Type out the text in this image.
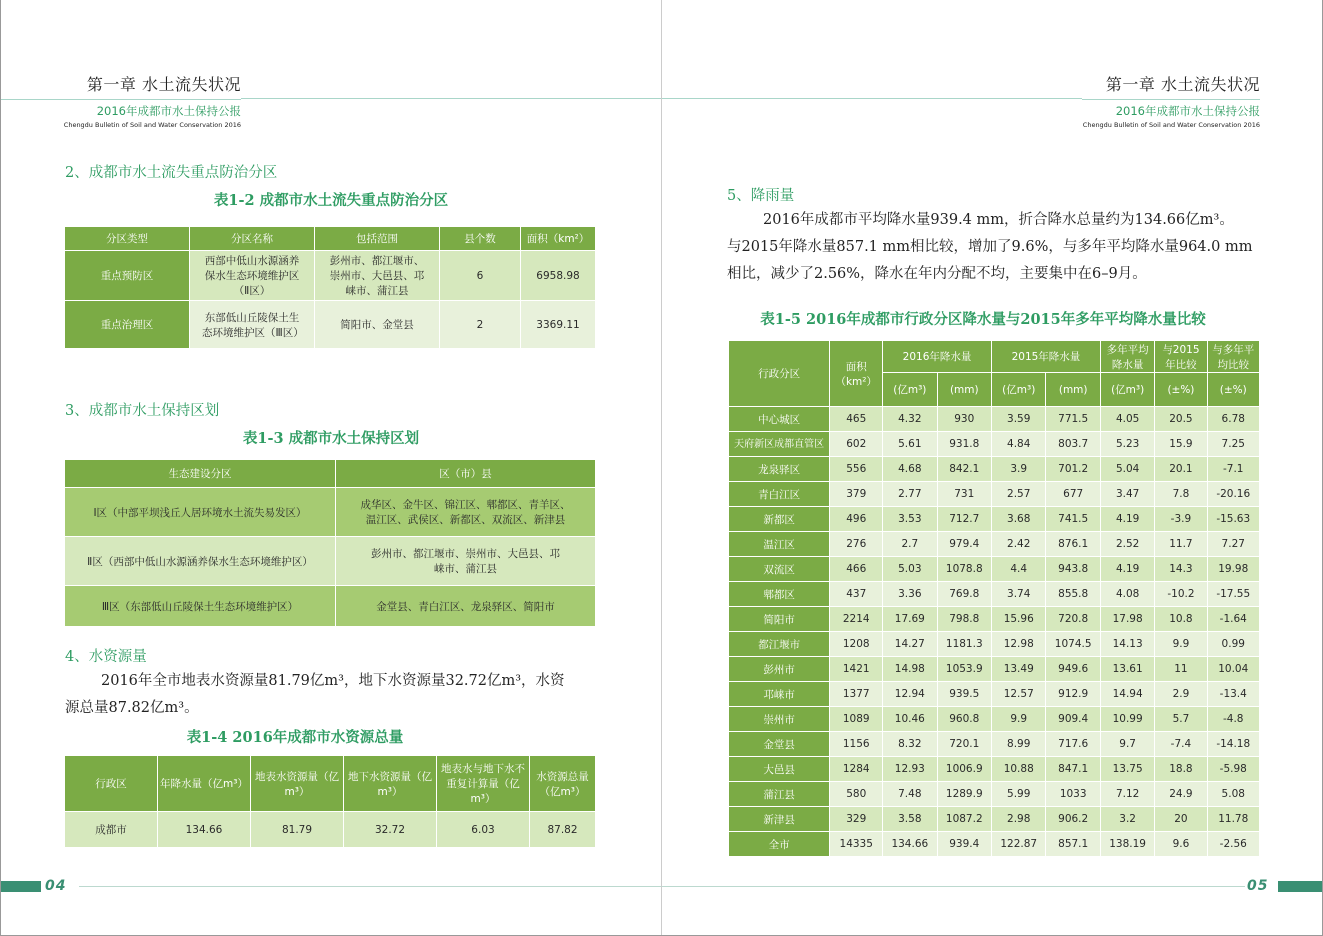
第一章 水土流失状况
2016年成都市水土保持公报
Chengdu Bulletin of Soil and Water Conservation 2016
2、成都市水土流失重点防治分区
表1-2 成都市水土流失重点防治分区
分区类型	分区名称	包括范围	县个数	面积（km²）
重点预防区	西部中低山水源涵养保水生态环境维护区（Ⅱ区）	彭州市、都江堰市、崇州市、大邑县、邛崃市、蒲江县	6	6958.98
重点治理区	东部低山丘陵保土生态环境维护区（Ⅲ区）	简阳市、金堂县	2	3369.11
3、成都市水土保持区划
表1-3 成都市水土保持区划
生态建设分区	区（市）县
Ⅰ区（中部平坝浅丘人居环境水土流失易发区）	成华区、金牛区、锦江区、郫都区、青羊区、温江区、武侯区、新都区、双流区、新津县
Ⅱ区（西部中低山水源涵养保水生态环境维护区）	彭州市、都江堰市、崇州市、大邑县、邛崃市、蒲江县
Ⅲ区（东部低山丘陵保土生态环境维护区）	金堂县、青白江区、龙泉驿区、简阳市
4、水资源量
2016年全市地表水资源量81.79亿m³，地下水资源量32.72亿m³，水资
源总量87.82亿m³。
表1-4 2016年成都市水资源总量
行政区	年降水量（亿m³）	地表水资源量（亿m³）	地下水资源量（亿m³）	地表水与地下水不重复计算量（亿m³）	水资源总量（亿m³）
成都市	134.66	81.79	32.72	6.03	87.82
04
第一章 水土流失状况
2016年成都市水土保持公报
Chengdu Bulletin of Soil and Water Conservation 2016
5、降雨量
2016年成都市平均降水量939.4 mm，折合降水总量约为134.66亿m³。
与2015年降水量857.1 mm相比较，增加了9.6%，与多年平均降水量964.0 mm
相比，减少了2.56%，降水在年内分配不均，主要集中在6–9月。
表1-5 2016年成都市行政分区降水量与2015年多年平均降水量比较
行政分区	面积（km²）	2016年降水量		2015年降水量		多年平均降水量	与2015年比较	与多年平均比较
		(亿m³)	(mm)	(亿m³)	(mm)	(亿m³)	(±%)	(±%)
中心城区	465	4.32	930	3.59	771.5	4.05	20.5	6.78
天府新区成都直管区	602	5.61	931.8	4.84	803.7	5.23	15.9	7.25
龙泉驿区	556	4.68	842.1	3.9	701.2	5.04	20.1	-7.1
青白江区	379	2.77	731	2.57	677	3.47	7.8	-20.16
新都区	496	3.53	712.7	3.68	741.5	4.19	-3.9	-15.63
温江区	276	2.7	979.4	2.42	876.1	2.52	11.7	7.27
双流区	466	5.03	1078.8	4.4	943.8	4.19	14.3	19.98
郫都区	437	3.36	769.8	3.74	855.8	4.08	-10.2	-17.55
简阳市	2214	17.69	798.8	15.96	720.8	17.98	10.8	-1.64
都江堰市	1208	14.27	1181.3	12.98	1074.5	14.13	9.9	0.99
彭州市	1421	14.98	1053.9	13.49	949.6	13.61	11	10.04
邛崃市	1377	12.94	939.5	12.57	912.9	14.94	2.9	-13.4
崇州市	1089	10.46	960.8	9.9	909.4	10.99	5.7	-4.8
金堂县	1156	8.32	720.1	8.99	717.6	9.7	-7.4	-14.18
大邑县	1284	12.93	1006.9	10.88	847.1	13.75	18.8	-5.98
蒲江县	580	7.48	1289.9	5.99	1033	7.12	24.9	5.08
新津县	329	3.58	1087.2	2.98	906.2	3.2	20	11.78
全市	14335	134.66	939.4	122.87	857.1	138.19	9.6	-2.56
05
